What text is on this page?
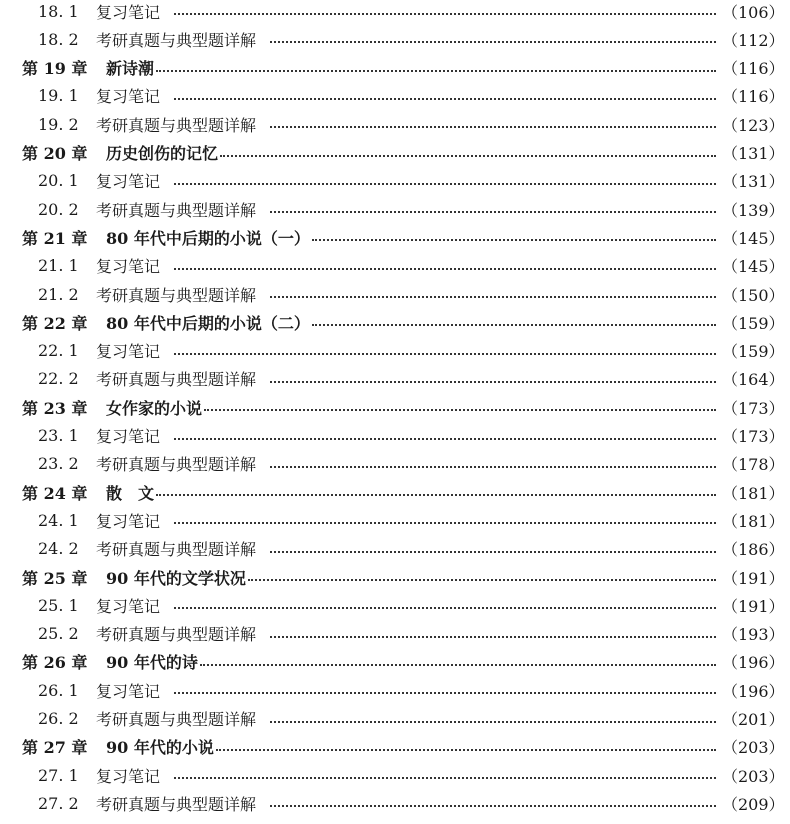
18. 1	复习笔记	（106）
18. 2	考研真题与典型题详解	（112）
第 19 章	新诗潮	（116）
19. 1	复习笔记	（116）
19. 2	考研真题与典型题详解	（123）
第 20 章	历史创伤的记忆	（131）
20. 1	复习笔记	（131）
20. 2	考研真题与典型题详解	（139）
第 21 章	80 年代中后期的小说（一）	（145）
21. 1	复习笔记	（145）
21. 2	考研真题与典型题详解	（150）
第 22 章	80 年代中后期的小说（二）	（159）
22. 1	复习笔记	（159）
22. 2	考研真题与典型题详解	（164）
第 23 章	女作家的小说	（173）
23. 1	复习笔记	（173）
23. 2	考研真题与典型题详解	（178）
第 24 章	散　文	（181）
24. 1	复习笔记	（181）
24. 2	考研真题与典型题详解	（186）
第 25 章	90 年代的文学状况	（191）
25. 1	复习笔记	（191）
25. 2	考研真题与典型题详解	（193）
第 26 章	90 年代的诗	（196）
26. 1	复习笔记	（196）
26. 2	考研真题与典型题详解	（201）
第 27 章	90 年代的小说	（203）
27. 1	复习笔记	（203）
27. 2	考研真题与典型题详解	（209）
